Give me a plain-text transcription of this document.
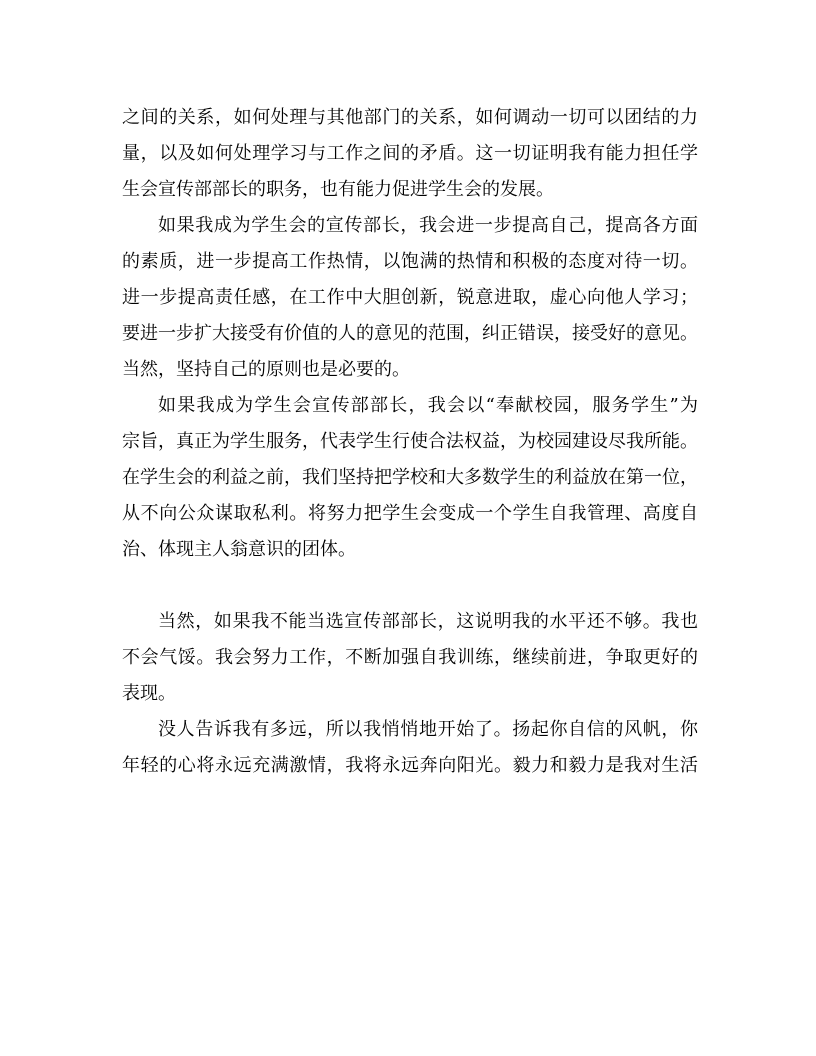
之间的关系，如何处理与其他部门的关系，如何调动一切可以团结的力
量，以及如何处理学习与工作之间的矛盾。这一切证明我有能力担任学
生会宣传部部长的职务，也有能力促进学生会的发展。
如果我成为学生会的宣传部长，我会进一步提高自己，提高各方面
的素质，进一步提高工作热情，以饱满的热情和积极的态度对待一切。
进一步提高责任感，在工作中大胆创新，锐意进取，虚心向他人学习；
要进一步扩大接受有价值的人的意见的范围，纠正错误，接受好的意见。
当然，坚持自己的原则也是必要的。
如果我成为学生会宣传部部长，我会以“奉献校园，服务学生”为
宗旨，真正为学生服务，代表学生行使合法权益，为校园建设尽我所能。
在学生会的利益之前，我们坚持把学校和大多数学生的利益放在第一位，
从不向公众谋取私利。将努力把学生会变成一个学生自我管理、高度自
治、体现主人翁意识的团体。
当然，如果我不能当选宣传部部长，这说明我的水平还不够。我也
不会气馁。我会努力工作，不断加强自我训练，继续前进，争取更好的
表现。
没人告诉我有多远，所以我悄悄地开始了。扬起你自信的风帆，你
年轻的心将永远充满激情，我将永远奔向阳光。毅力和毅力是我对生活
